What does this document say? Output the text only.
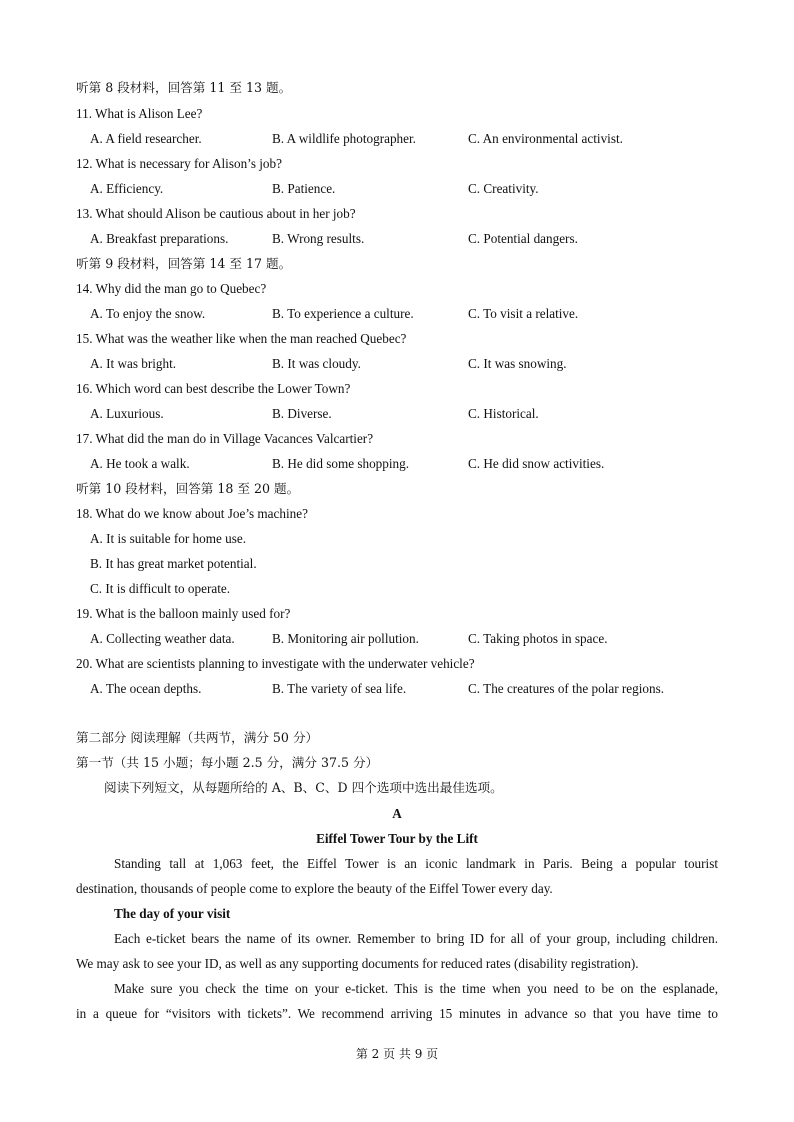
听第 8 段材料，回答第 11 至 13 题。
11. What is Alison Lee?
A. A field researcher.	B. A wildlife photographer.	C. An environmental activist.
12. What is necessary for Alison’s job?
A. Efficiency.	B. Patience.	C. Creativity.
13. What should Alison be cautious about in her job?
A. Breakfast preparations.	B. Wrong results.	C. Potential dangers.
听第 9 段材料，回答第 14 至 17 题。
14. Why did the man go to Quebec?
A. To enjoy the snow.	B. To experience a culture.	C. To visit a relative.
15. What was the weather like when the man reached Quebec?
A. It was bright.	B. It was cloudy.	C. It was snowing.
16. Which word can best describe the Lower Town?
A. Luxurious.	B. Diverse.	C. Historical.
17. What did the man do in Village Vacances Valcartier?
A. He took a walk.	B. He did some shopping.	C. He did snow activities.
听第 10 段材料，回答第 18 至 20 题。
18. What do we know about Joe’s machine?
A. It is suitable for home use.
B. It has great market potential.
C. It is difficult to operate.
19. What is the balloon mainly used for?
A. Collecting weather data.	B. Monitoring air pollution.	C. Taking photos in space.
20. What are scientists planning to investigate with the underwater vehicle?
A. The ocean depths.	B. The variety of sea life.	C. The creatures of the polar regions.
第二部分 阅读理解（共两节，满分 50 分）
第一节（共 15 小题；每小题 2.5 分，满分 37.5 分）
阅读下列短文，从每题所给的 A、B、C、D 四个选项中选出最佳选项。
A
Eiffel Tower Tour by the Lift
Standing tall at 1,063 feet, the Eiffel Tower is an iconic landmark in Paris. Being a popular tourist
destination, thousands of people come to explore the beauty of the Eiffel Tower every day.
The day of your visit
Each e-ticket bears the name of its owner. Remember to bring ID for all of your group, including children.
We may ask to see your ID, as well as any supporting documents for reduced rates (disability registration).
Make sure you check the time on your e-ticket. This is the time when you need to be on the esplanade,
in a queue for “visitors with tickets”. We recommend arriving 15 minutes in advance so that you have time to
第 2 页 共 9 页
